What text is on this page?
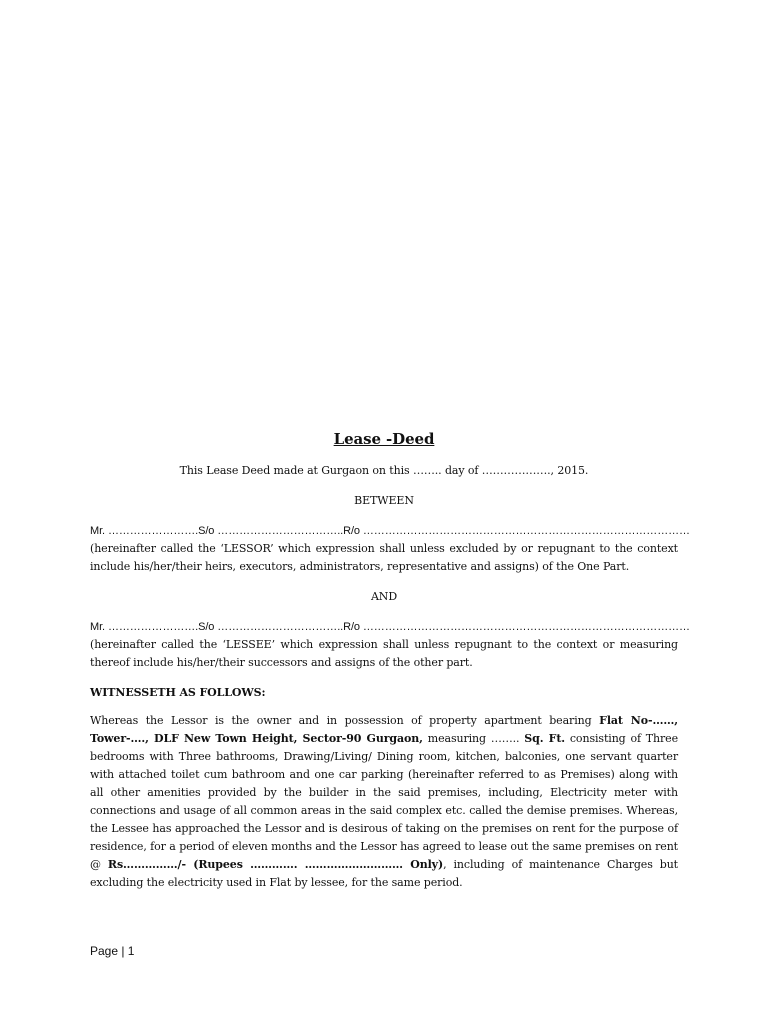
Lease -Deed
This Lease Deed made at Gurgaon on this …….. day of ………………., 2015.
BETWEEN
Mr. ……………………. S/o …………………………….. R/o ………………………………………………………………………………
(hereinafter called the ‘LESSOR’ which expression shall unless excluded by or repugnant to the context include his/her/their heirs, executors, administrators, representative and assigns) of the One Part.
AND
Mr. ……………………. S/o …………………………….. R/o ………………………………………………………………………………
(hereinafter called the ‘LESSEE’ which expression shall unless repugnant to the context or measuring thereof include his/her/their successors and assigns of the other part.
WITNESSETH AS FOLLOWS:
Whereas the Lessor is the owner and in possession of property apartment bearing Flat No-……, Tower-…., DLF New Town Height, Sector-90 Gurgaon, measuring …….. Sq. Ft. consisting of Three bedrooms with Three bathrooms, Drawing/Living/ Dining room, kitchen, balconies, one servant quarter with attached toilet cum bathroom and one car parking (hereinafter referred to as Premises) along with all other amenities provided by the builder in the said premises, including, Electricity meter with connections and usage of all common areas in the said complex etc. called the demise premises. Whereas, the Lessee has approached the Lessor and is desirous of taking on the premises on rent for the purpose of residence, for a period of eleven months and the Lessor has agreed to lease out the same premises on rent @ Rs……………/- (Rupees …………. ……………………… Only), including of maintenance Charges but excluding the electricity used in Flat by lessee, for the same period.
Page | 1
